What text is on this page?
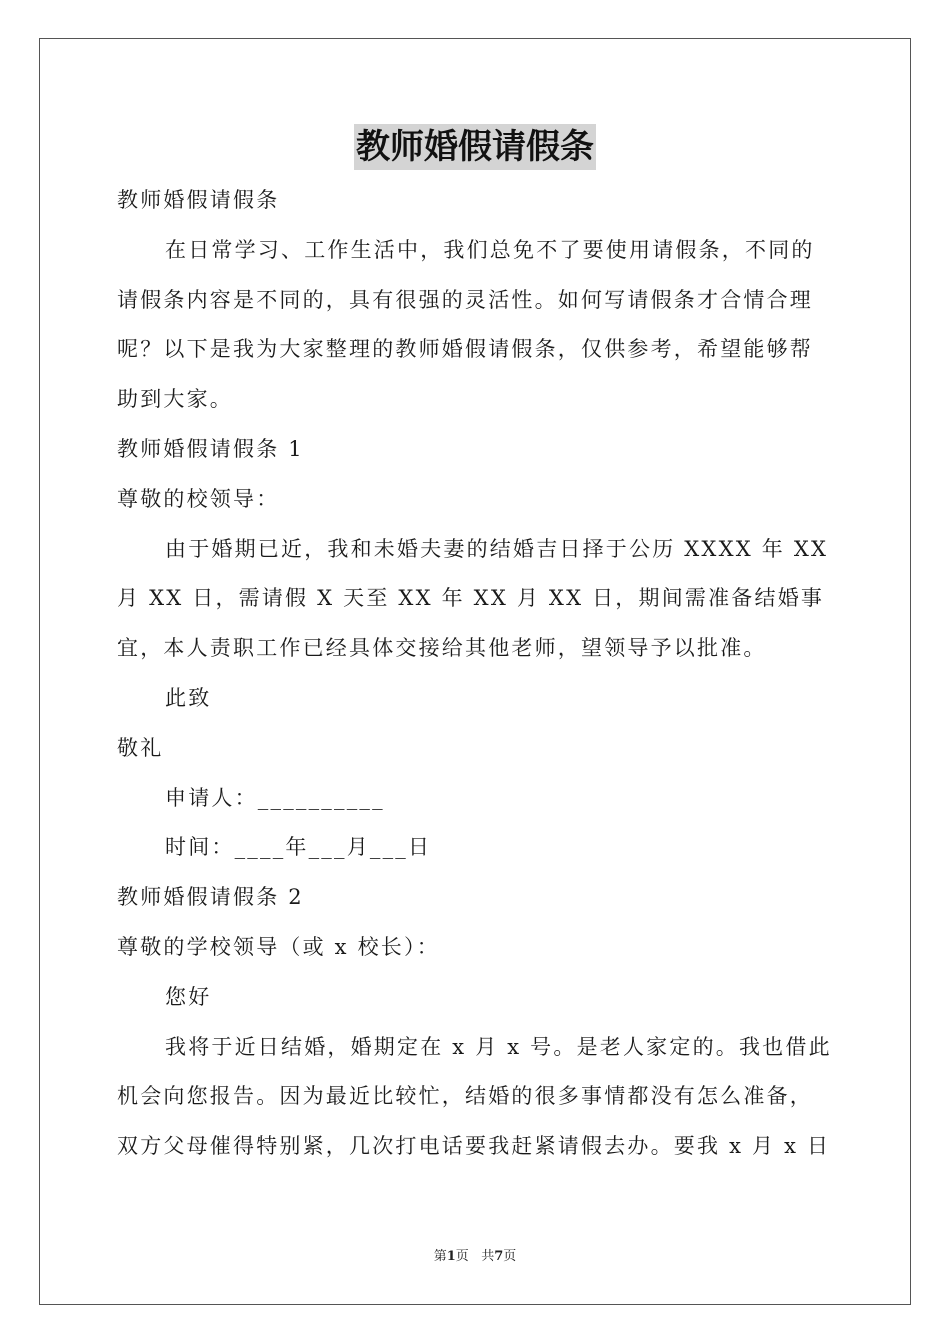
教师婚假请假条

教师婚假请假条

在日常学习、工作生活中，我们总免不了要使用请假条，不同的请假条内容是不同的，具有很强的灵活性。如何写请假条才合情合理呢？以下是我为大家整理的教师婚假请假条，仅供参考，希望能够帮助到大家。

教师婚假请假条 1

尊敬的校领导：

由于婚期已近，我和未婚夫妻的结婚吉日择于公历 XXXX 年 XX 月 XX 日，需请假 X 天至 XX 年 XX 月 XX 日，期间需准备结婚事宜，本人责职工作已经具体交接给其他老师，望领导予以批准。

此致

敬礼

申请人：__________

时间：____年___月___日

教师婚假请假条 2

尊敬的学校领导（或 x 校长）：

您好

我将于近日结婚，婚期定在 x 月 x 号。是老人家定的。我也借此机会向您报告。因为最近比较忙，结婚的很多事情都没有怎么准备，双方父母催得特别紧，几次打电话要我赶紧请假去办。要我 x 月 x 日

第1页 共7页
